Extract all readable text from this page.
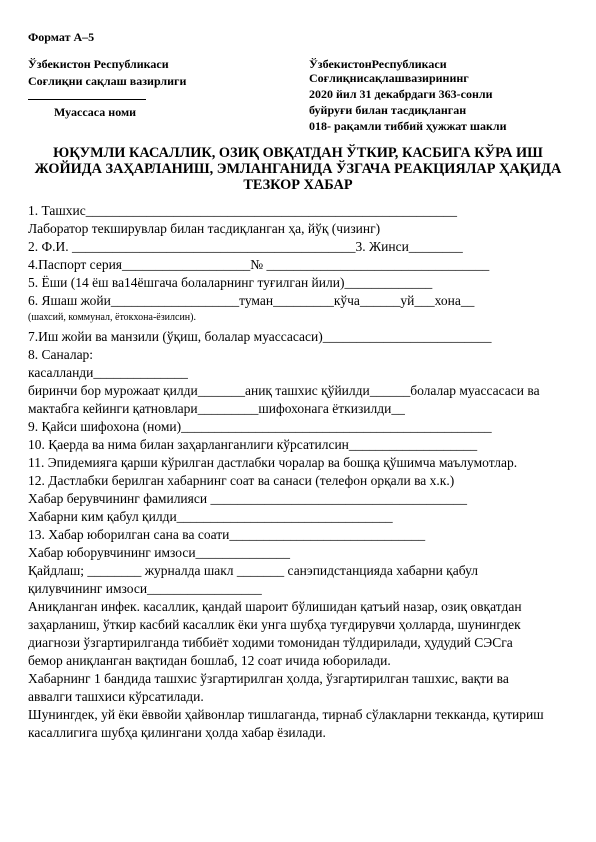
Формат А–5
Ўзбекистон Республикаси
Соғлиқни сақлаш вазирлиги
Муассаса номи
ЎзбекистонРеспубликаси
Соғлиқнисақлашвазирининг
2020 йил 31 декабрдаги 363-сонли
буйруғи билан тасдиқланган
018- рақамли тиббий ҳужжат шакли
ЮҚУМЛИ КАСАЛЛИК, ОЗИҚ ОВҚАТДАН ЎТКИР, КАСБИГА КЎРА ИШ
ЖОЙИДА ЗАҲАРЛАНИШ, ЭМЛАНГАНИДА ЎЗГАЧА РЕАКЦИЯЛАР ҲАҚИДА
ТЕЗКОР ХАБАР
1. Ташхис_______________________________________________________
Лаборатор текширувлар билан тасдиқланган ҳа, йўқ (чизинг)
2. Ф.И. __________________________________________3. Жинси________
4.Паспорт серия___________________№ _________________________________
5. Ёши (14 ёш ва14ёшгача болаларнинг туғилган йили)_____________
6. Яшаш жойи___________________туман_________кўча______уй___хона__
(шахсий, коммунал, ётокхона-ёзилсин).
7.Иш жойи ва манзили (ўқиш, болалар муассасаси)_________________________
8. Саналар:
касалланди______________
биринчи бор мурожаат қилди_______аниқ ташхис қўйилди______болалар муассасаси ва
мактабга кейинги қатновлари_________шифохонага ёткизилди__
9. Қайси шифохона (номи)______________________________________________
10. Қаерда ва нима билан заҳарланганлиги кўрсатилсин___________________
11. Эпидемияга қарши кўрилган дастлабки чоралар ва бошқа қўшимча маълумотлар.
12. Дастлабки берилган хабарнинг соат ва санаси (телефон орқали ва х.к.)
Хабар берувчининг фамилияси ______________________________________
Хабарни ким қабул қилди________________________________
13. Хабар юборилган сана ва соати_____________________________
Хабар юборувчининг имзоси______________
Қайдлаш; ________ журналда шакл _______ санэпидстанцияда хабарни қабул
қилувчининг имзоси_________________
Аниқланган инфек. касаллик, қандай шароит бўлишидан қатъий назар, озиқ овқатдан
заҳарланиш, ўткир касбий касаллик ёки унга шубҳа туғдирувчи ҳолларда, шунингдек
диагнози ўзгартирилганда тиббиёт ходими томонидан тўлдирилади, ҳудудий СЭСга
бемор аниқланган вақтидан бошлаб, 12 соат ичида юборилади.
Хабарнинг 1 бандида ташхис ўзгартирилган ҳолда, ўзгартирилган ташхис, вақти ва
аввалги ташхиси кўрсатилади.
Шунингдек, уй ёки ёввойи ҳайвонлар тишлаганда, тирнаб сўлакларни текканда, қутириш
касаллигига шубҳа қилингани ҳолда хабар ёзилади.
